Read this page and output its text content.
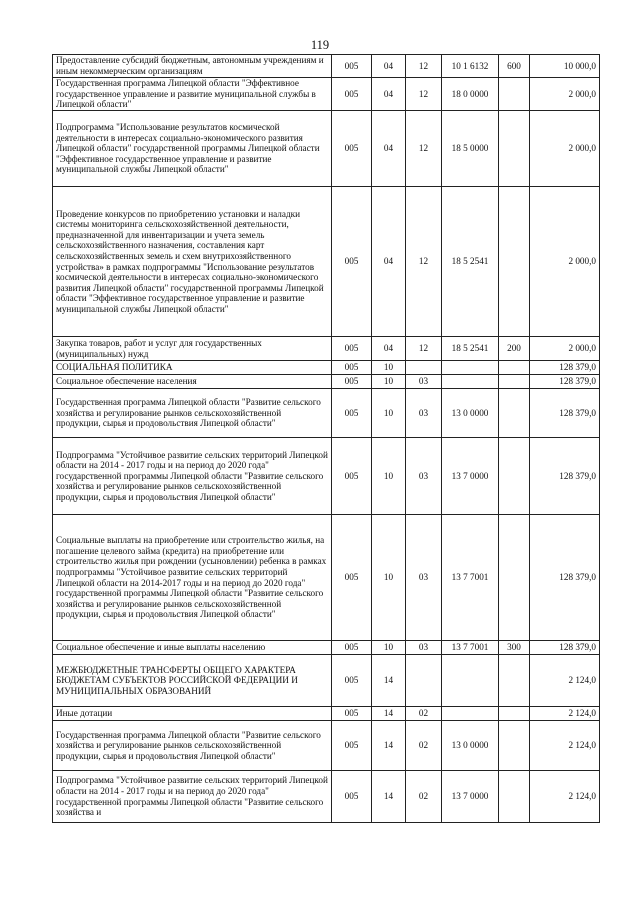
119
Предоставление субсидий бюджетным, автономным учреждениям и иным некоммерческим организациям	005	04	12	10 1 6132	600	10 000,0
Государственная программа Липецкой области "Эффективное государственное управление и развитие муниципальной службы в Липецкой области"	005	04	12	18 0 0000		2 000,0
Подпрограмма "Использование результатов космической деятельности в интересах социально-экономического развития Липецкой области" государственной программы Липецкой области "Эффективное государственное управление и развитие муниципальной службы Липецкой области"	005	04	12	18 5 0000		2 000,0
Проведение конкурсов по приобретению установки и наладки системы мониторинга сельскохозяйственной деятельности, предназначенной для инвентаризации и учета земель сельскохозяйственного назначения, составления карт сельскохозяйственных земель и схем внутрихозяйственного устройства» в рамках подпрограммы "Использование результатов космической деятельности в интересах социально-экономического развития Липецкой области" государственной программы Липецкой области "Эффективное государственное управление и развитие муниципальной службы Липецкой области"	005	04	12	18 5 2541		2 000,0
Закупка товаров, работ и услуг для государственных (муниципальных) нужд	005	04	12	18 5 2541	200	2 000,0
СОЦИАЛЬНАЯ ПОЛИТИКА	005	10				128 379,0
Социальное обеспечение населения	005	10	03			128 379,0
Государственная программа Липецкой области "Развитие сельского хозяйства и регулирование рынков сельскохозяйственной продукции, сырья и продовольствия Липецкой области"	005	10	03	13 0 0000		128 379,0
Подпрограмма "Устойчивое развитие сельских территорий Липецкой области на 2014 - 2017 годы и на период до 2020 года" государственной программы Липецкой области "Развитие сельского хозяйства и регулирование рынков сельскохозяйственной продукции, сырья и продовольствия Липецкой области"	005	10	03	13 7 0000		128 379,0
Социальные выплаты на приобретение или строительство жилья, на погашение целевого займа (кредита) на приобретение или строительство жилья при рождении (усыновлении) ребенка в рамках подпрограммы "Устойчивое развитие сельских территорий Липецкой области на 2014-2017 годы и на период до 2020 года" государственной программы Липецкой области "Развитие сельского хозяйства и регулирование рынков сельскохозяйственной продукции, сырья и продовольствия Липецкой области"	005	10	03	13 7 7001		128 379,0
Социальное обеспечение и иные выплаты населению	005	10	03	13 7 7001	300	128 379,0
МЕЖБЮДЖЕТНЫЕ ТРАНСФЕРТЫ ОБЩЕГО ХАРАКТЕРА БЮДЖЕТАМ СУБЪЕКТОВ РОССИЙСКОЙ ФЕДЕРАЦИИ И МУНИЦИПАЛЬНЫХ ОБРАЗОВАНИЙ	005	14				2 124,0
Иные дотации	005	14	02			2 124,0
Государственная программа Липецкой области "Развитие сельского хозяйства и регулирование рынков сельскохозяйственной продукции, сырья и продовольствия Липецкой области"	005	14	02	13 0 0000		2 124,0
Подпрограмма "Устойчивое развитие сельских территорий Липецкой области на 2014 - 2017 годы и на период до 2020 года" государственной программы Липецкой области "Развитие сельского хозяйства и	005	14	02	13 7 0000		2 124,0
